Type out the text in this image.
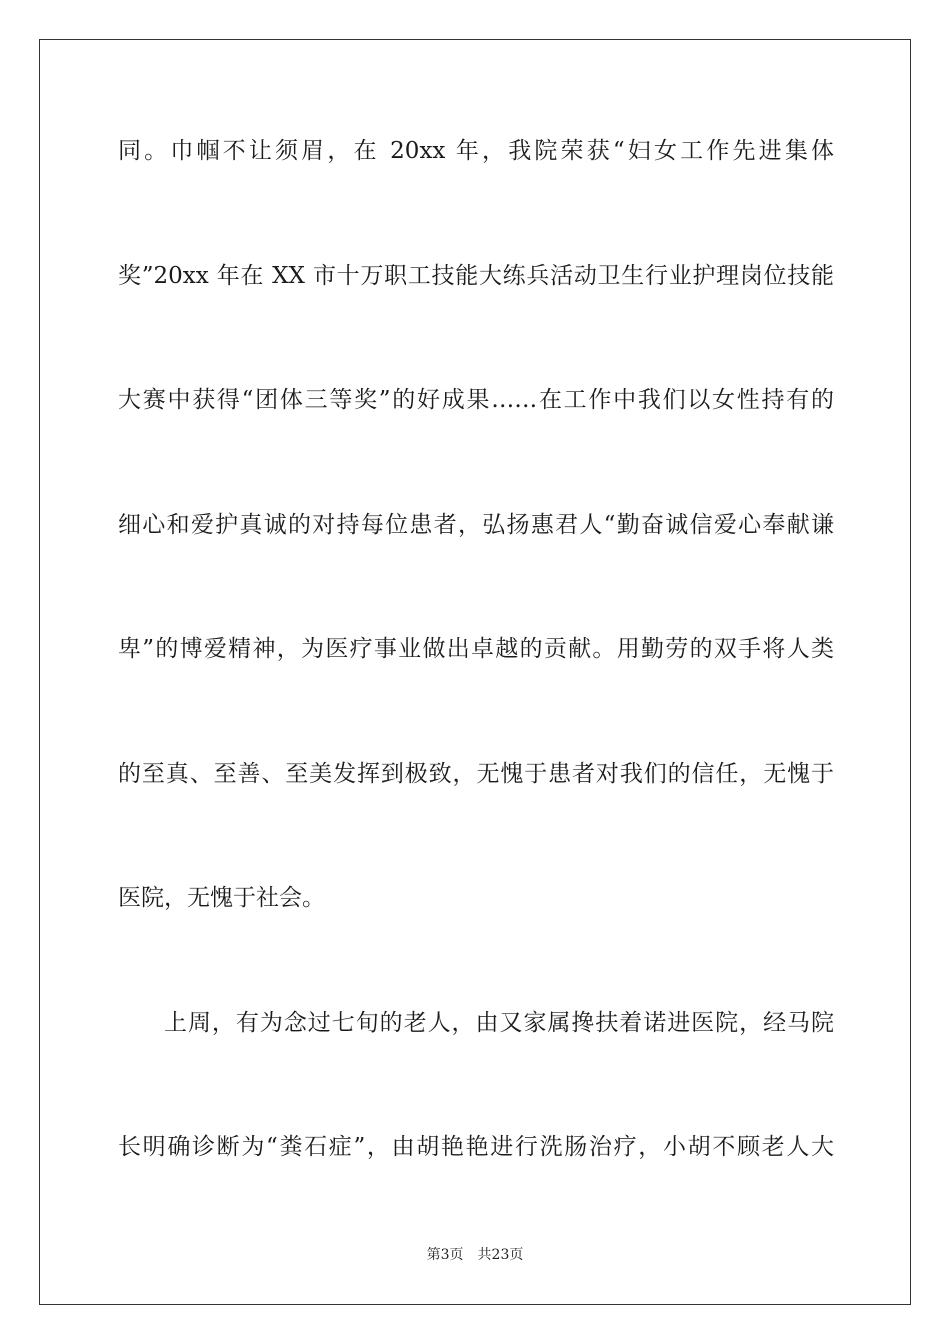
同。巾帼不让须眉，在 20xx 年，我院荣获“妇女工作先进集体
奖”20xx 年在 XX 市十万职工技能大练兵活动卫生行业护理岗位技能
大赛中获得“团体三等奖”的好成果……在工作中我们以女性持有的
细心和爱护真诚的对持每位患者，弘扬惠君人“勤奋诚信爱心奉献谦
卑”的博爱精神，为医疗事业做出卓越的贡献。用勤劳的双手将人类
的至真、至善、至美发挥到极致，无愧于患者对我们的信任，无愧于
医院，无愧于社会。
上周，有为念过七旬的老人，由又家属搀扶着诺进医院，经马院
长明确诊断为“粪石症”，由胡艳艳进行洗肠治疗，小胡不顾老人大
第3页 共23页
